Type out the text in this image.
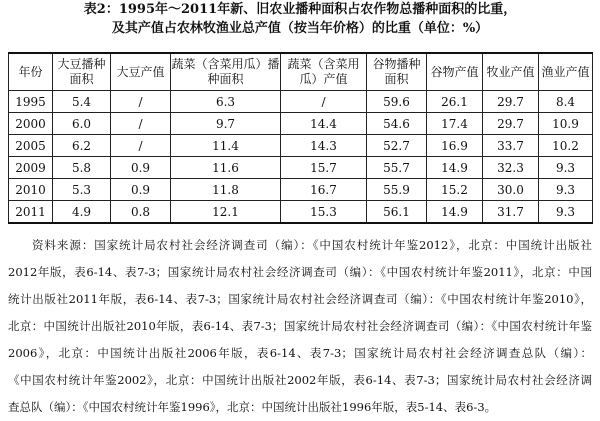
表2：1995年～2011年新、旧农业播种面积占农作物总播种面积的比重，
及其产值占农林牧渔业总产值（按当年价格）的比重（单位：%）
年份	大豆播种面积	大豆产值	蔬菜（含菜用瓜）播种面积	蔬菜（含菜用瓜）产值	谷物播种面积	谷物产值	牧业产值	渔业产值
1995	5.4	/	6.3	/	59.6	26.1	29.7	8.4
2000	6.0	/	9.7	14.4	54.6	17.4	29.7	10.9
2005	6.2	/	11.4	14.3	52.7	16.9	33.7	10.2
2009	5.8	0.9	11.6	15.7	55.7	14.9	32.3	9.3
2010	5.3	0.9	11.8	16.7	55.9	15.2	30.0	9.3
2011	4.9	0.8	12.1	15.3	56.1	14.9	31.7	9.3
资料来源：国家统计局农村社会经济调查司（编）：《中国农村统计年鉴2012》，北京：中国统计出版社
2012年版，表6-14、表7-3；国家统计局农村社会经济调查司（编）：《中国农村统计年鉴2011》，北京：中国
统计出版社2011年版，表6-14、表7-3；国家统计局农村社会经济调查司（编）：《中国农村统计年鉴2010》，
北京：中国统计出版社2010年版，表6-14、表7-3；国家统计局农村社会经济调查司（编）：《中国农村统计年鉴
2006》，北京：中国统计出版社2006年版，表6-14、表7-3；国家统计局农村社会经济调查总队（编）：
《中国农村统计年鉴2002》，北京：中国统计出版社2002年版，表6-14、表7-3；国家统计局农村社会经济调
查总队（编）：《中国农村统计年鉴1996》，北京：中国统计出版社1996年版，表5-14、表6-3。
